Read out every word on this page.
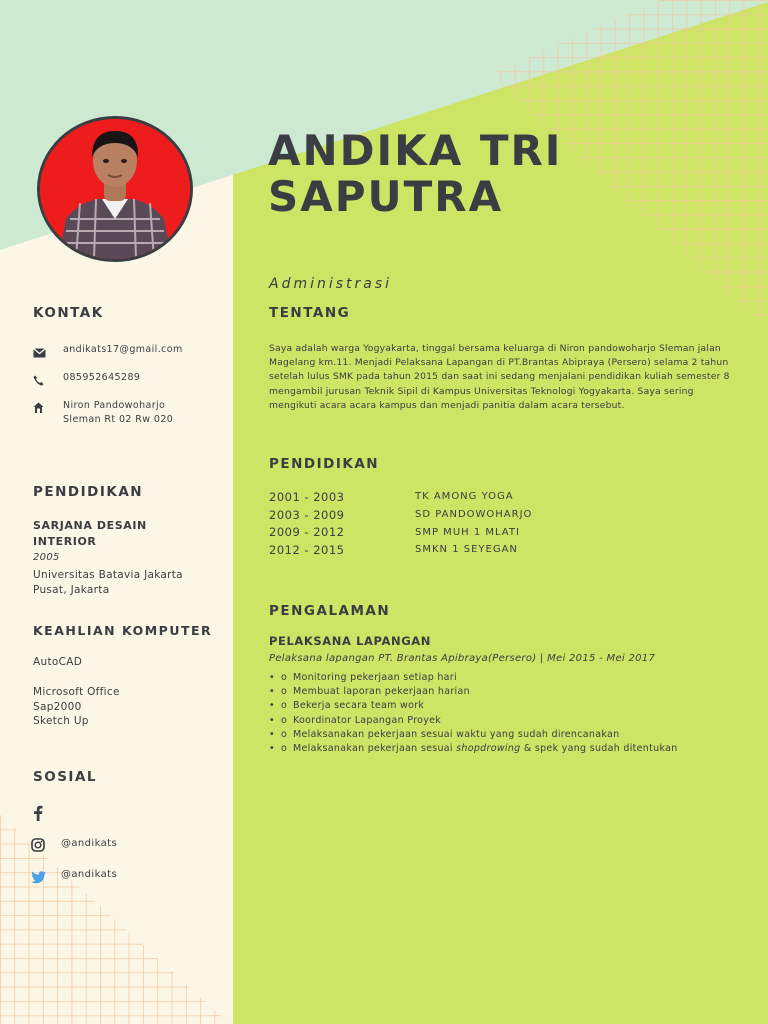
ANDIKA TRI
SAPUTRA
Administrasi
KONTAK
andikats17@gmail.com
085952645289
Niron Pandowoharjo
Sleman Rt 02 Rw 020
PENDIDIKAN
SARJANA DESAIN
INTERIOR
2005
Universitas Batavia Jakarta
Pusat, Jakarta
KEAHLIAN KOMPUTER
AutoCAD
Microsoft Office
Sap2000
Sketch Up
SOSIAL
@andikats
@andikats
TENTANG
Saya adalah warga Yogyakarta, tinggal bersama keluarga di Niron pandowoharjo Sleman jalan Magelang km.11. Menjadi Pelaksana Lapangan di PT.Brantas Abipraya (Persero) selama 2 tahun setelah lulus SMK pada tahun 2015 dan saat ini sedang menjalani pendidikan kuliah semester 8 mengambil jurusan Teknik Sipil di Kampus Universitas Teknologi Yogyakarta. Saya sering mengikuti acara acara kampus dan menjadi panitia dalam acara tersebut.
PENDIDIKAN
2001 - 2003	TK AMONG YOGA
2003 - 2009	SD PANDOWOHARJO
2009 - 2012	SMP MUH 1 MLATI
2012 - 2015	SMKN 1 SEYEGAN
PENGALAMAN
PELAKSANA LAPANGAN
Pelaksana lapangan PT. Brantas Apibraya(Persero) | Mei 2015 - Mei 2017
• o Monitoring pekerjaan setiap hari
• o Membuat laporan pekerjaan harian
• o Bekerja secara team work
• o Koordinator Lapangan Proyek
• o Melaksanakan pekerjaan sesuai waktu yang sudah direncanakan
• o Melaksanakan pekerjaan sesuai shopdrowing & spek yang sudah ditentukan
